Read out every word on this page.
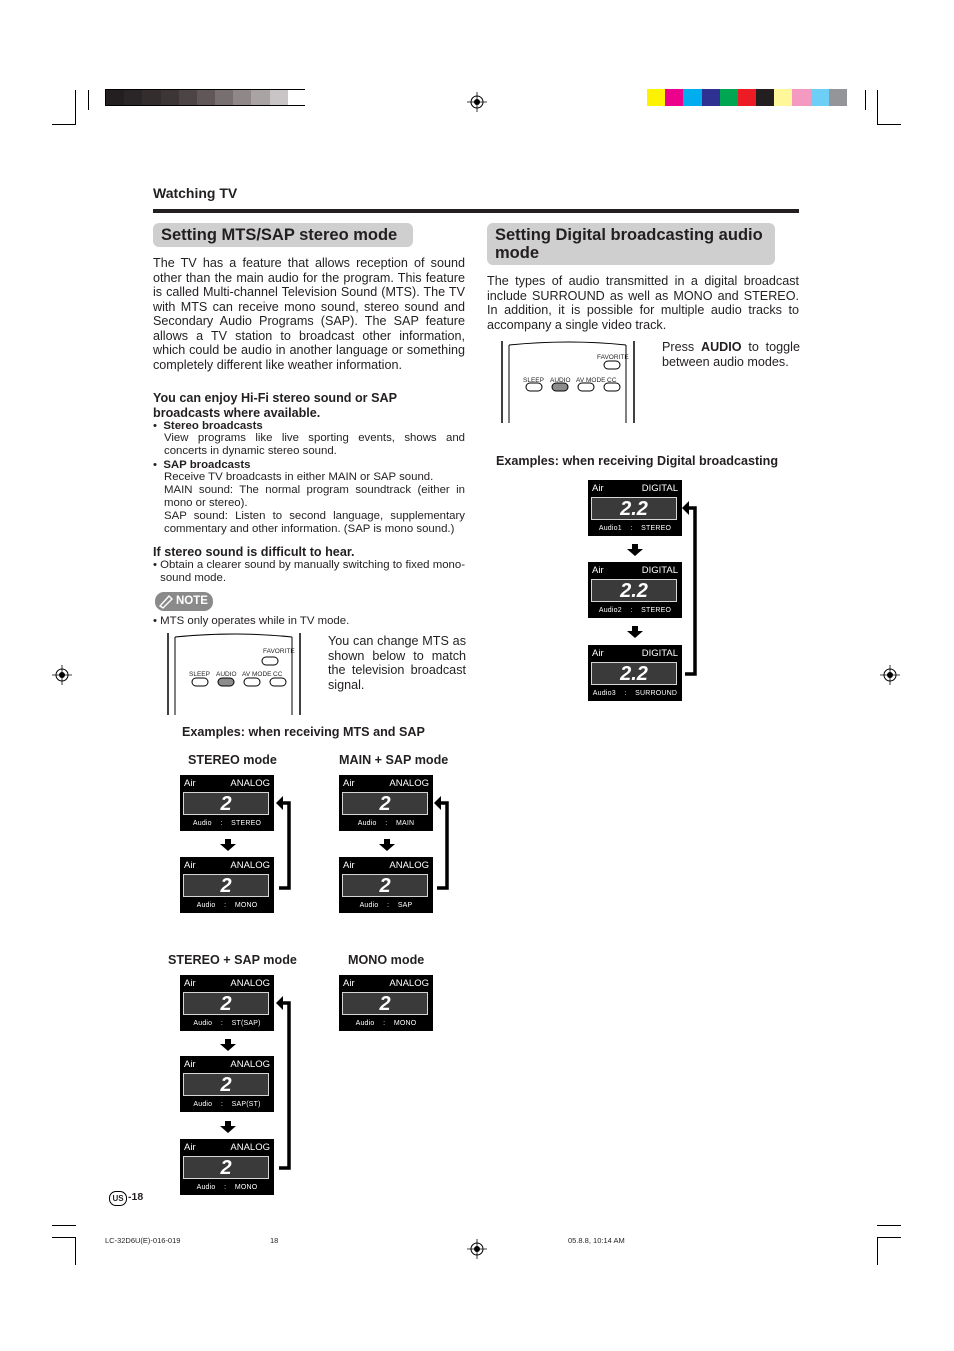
Watching TV
Setting MTS/SAP stereo mode
The TV has a feature that allows reception of sound other than the main audio for the program. This feature is called Multi-channel Television Sound (MTS). The TV with MTS can receive mono sound, stereo sound and Secondary Audio Programs (SAP). The SAP feature allows a TV station to broadcast other information, which could be audio in another language or something completely different like weather information.
You can enjoy Hi-Fi stereo sound or SAP broadcasts where available.
•  Stereo broadcasts
View programs like live sporting events, shows and concerts in dynamic stereo sound.
•  SAP broadcasts
Receive TV broadcasts in either MAIN or SAP sound.
MAIN sound: The normal program soundtrack (either in mono or stereo).
SAP sound: Listen to second language, supplementary commentary and other information. (SAP is mono sound.)
If stereo sound is difficult to hear.
• Obtain a clearer sound by manually switching to fixed mono-sound mode.
NOTE
• MTS only operates while in TV mode.
FAVORITE
SLEEP AUDIO AV MODE CC
You can change MTS as shown below to match the television broadcast signal.
Examples: when receiving MTS and SAP
STEREO mode	MAIN + SAP mode
STEREO + SAP mode	MONO mode
Air	ANALOG
2
Audio : STEREO
Air	ANALOG
2
Audio : MONO
Air	ANALOG
2
Audio : MAIN
Air	ANALOG
2
Audio : SAP
Air	ANALOG
2
Audio : ST(SAP)
Air	ANALOG
2
Audio : SAP(ST)
Air	ANALOG
2
Audio : MONO
Air	ANALOG
2
Audio : MONO
Air	DIGITAL
2.2
Audio1 : STEREO
Air	DIGITAL
2.2
Audio2 : STEREO
Air	DIGITAL
2.2
Audio3 : SURROUND
Setting Digital broadcasting audio mode
The types of audio transmitted in a digital broadcast include SURROUND as well as MONO and STEREO. In addition, it is possible for multiple audio tracks to accompany a single video track.
FAVORITE
SLEEP AUDIO AV MODE CC
Press AUDIO to toggle between audio modes.
Examples: when receiving Digital broadcasting
US -18
LC-32D6U(E)-016-019	18	05.8.8, 10:14 AM
